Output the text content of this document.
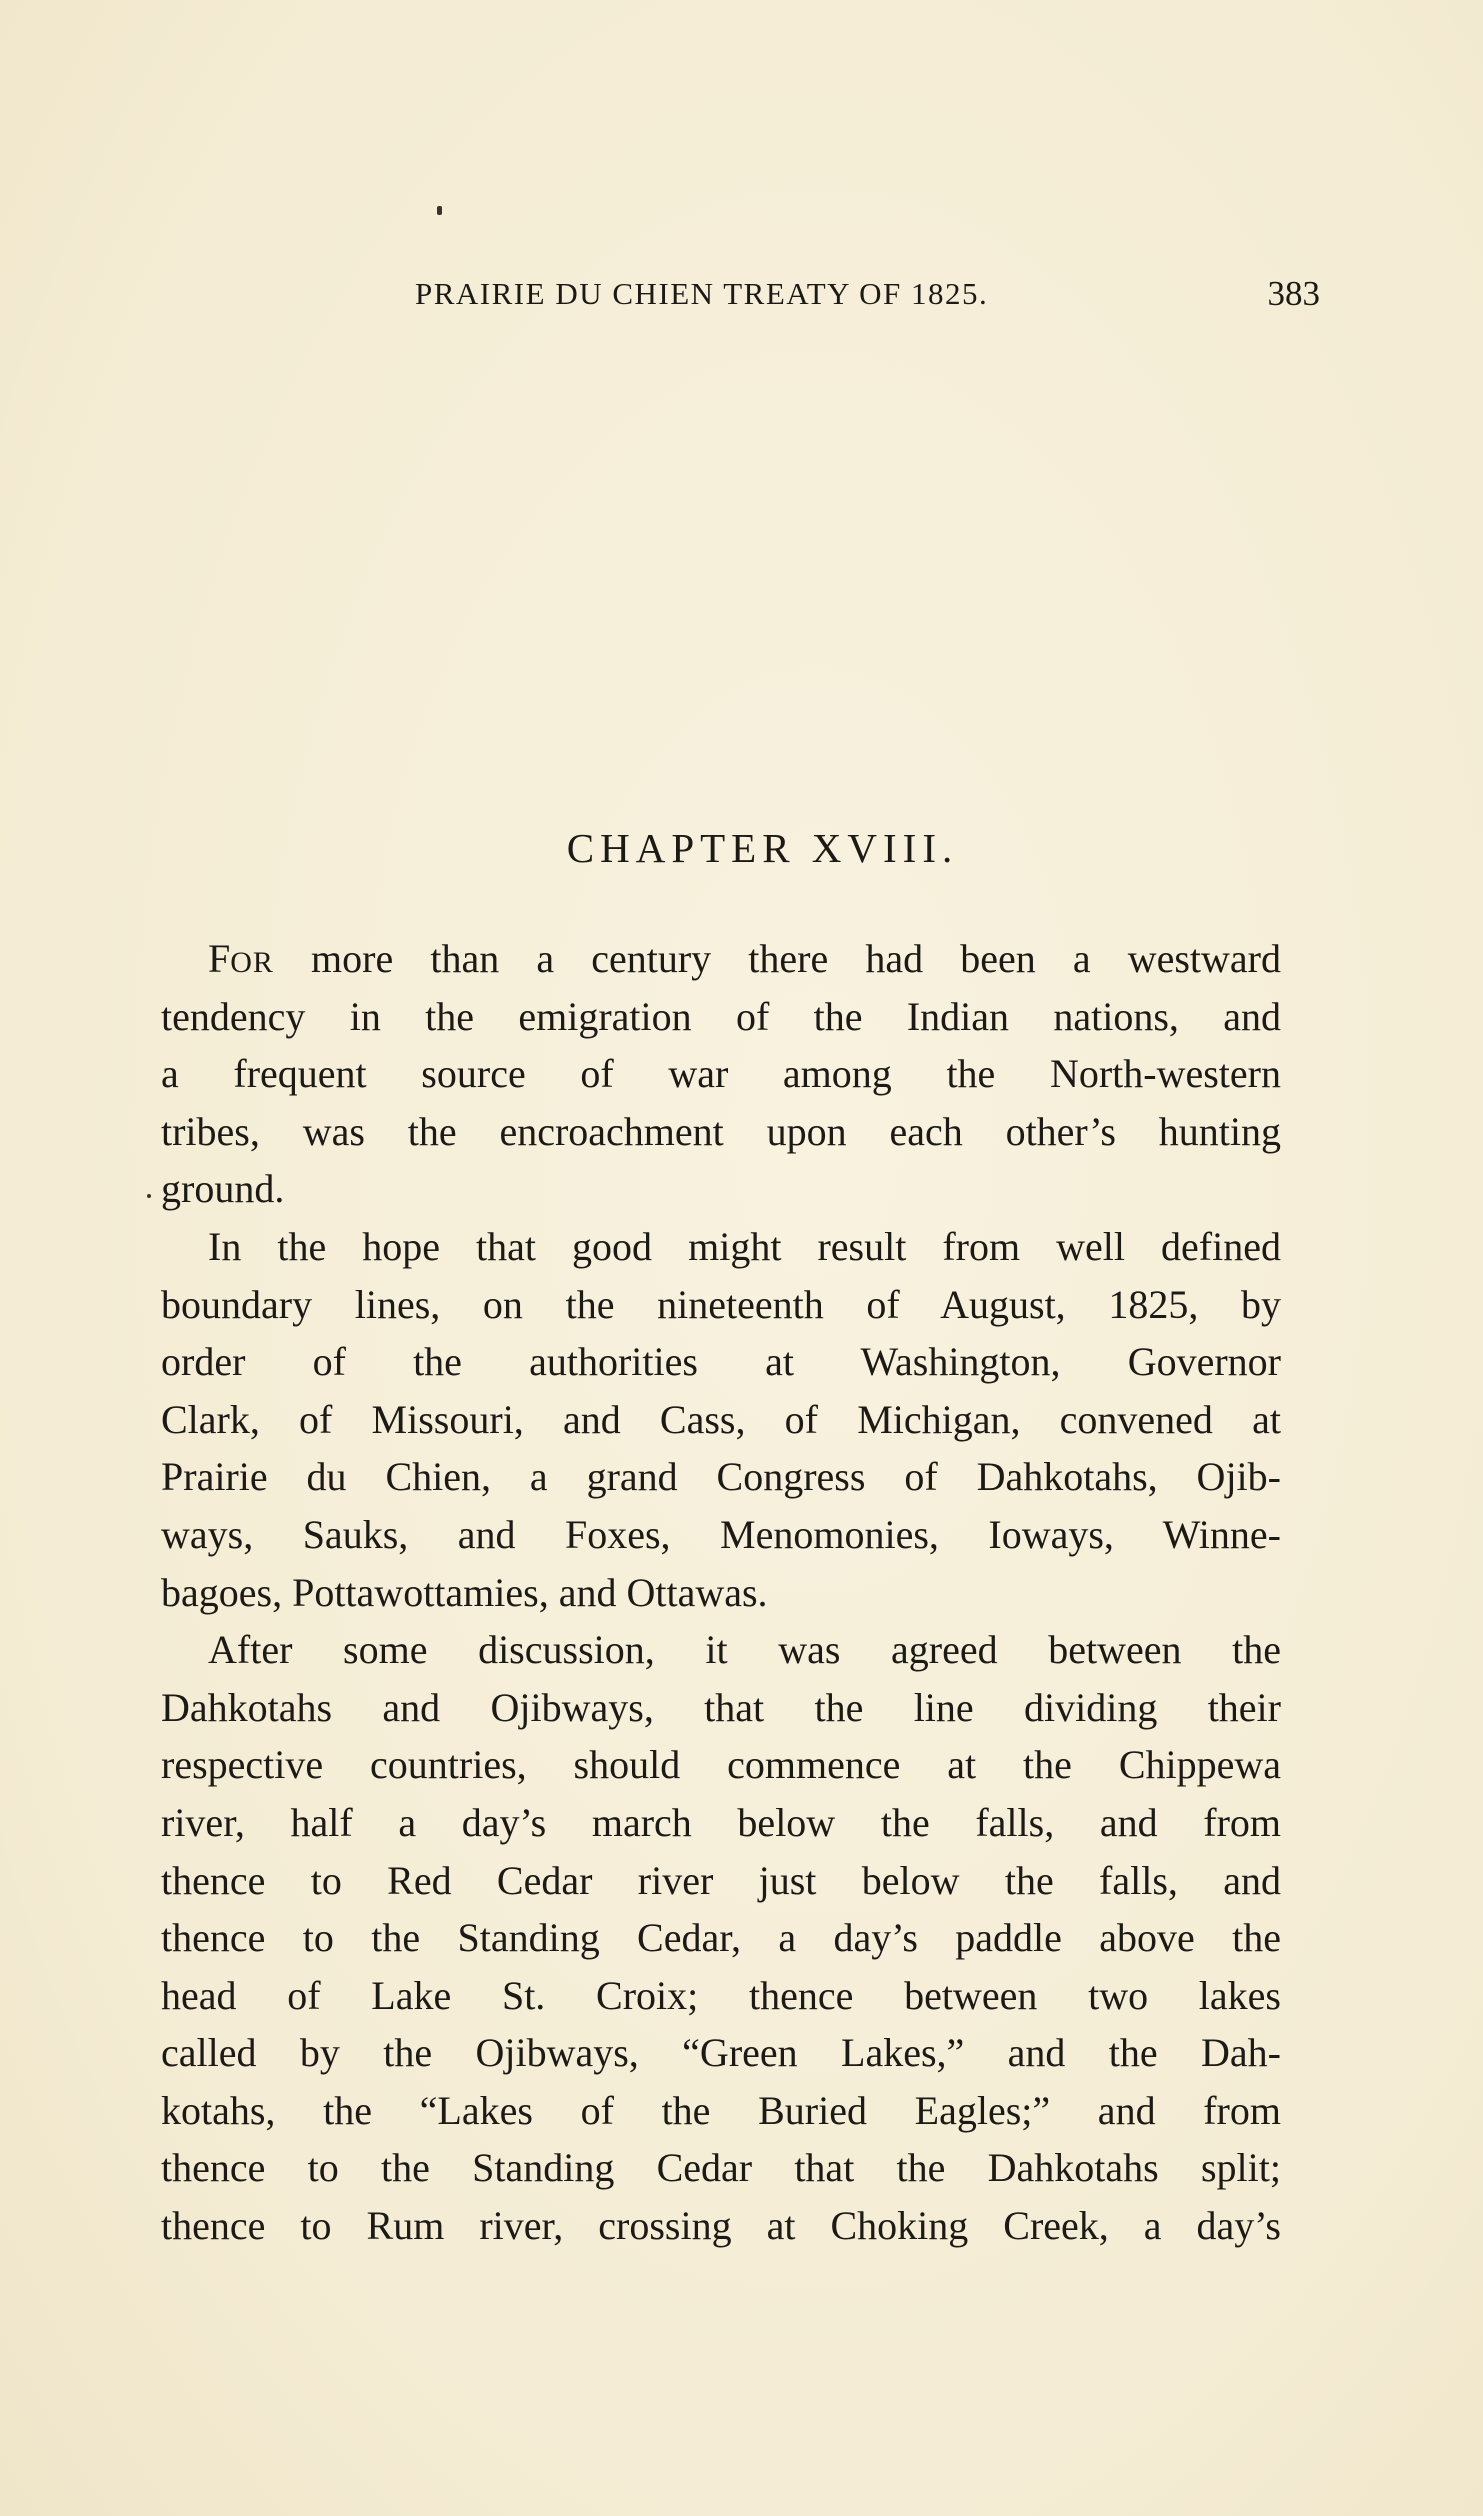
PRAIRIE DU CHIEN TREATY OF 1825.	383
CHAPTER XVIII.
FOR more than a century there had been a westward
tendency in the emigration of the Indian nations, and
a frequent source of war among the North-western
tribes, was the encroachment upon each other’s hunting
ground.
In the hope that good might result from well defined
boundary lines, on the nineteenth of August, 1825, by
order of the authorities at Washington, Governor
Clark, of Missouri, and Cass, of Michigan, convened at
Prairie du Chien, a grand Congress of Dahkotahs, Ojib-
ways, Sauks, and Foxes, Menomonies, Ioways, Winne-
bagoes, Pottawottamies, and Ottawas.
After some discussion, it was agreed between the
Dahkotahs and Ojibways, that the line dividing their
respective countries, should commence at the Chippewa
river, half a day’s march below the falls, and from
thence to Red Cedar river just below the falls, and
thence to the Standing Cedar, a day’s paddle above the
head of Lake St. Croix; thence between two lakes
called by the Ojibways, “Green Lakes,” and the Dah-
kotahs, the “Lakes of the Buried Eagles;” and from
thence to the Standing Cedar that the Dahkotahs split;
thence to Rum river, crossing at Choking Creek, a day’s
